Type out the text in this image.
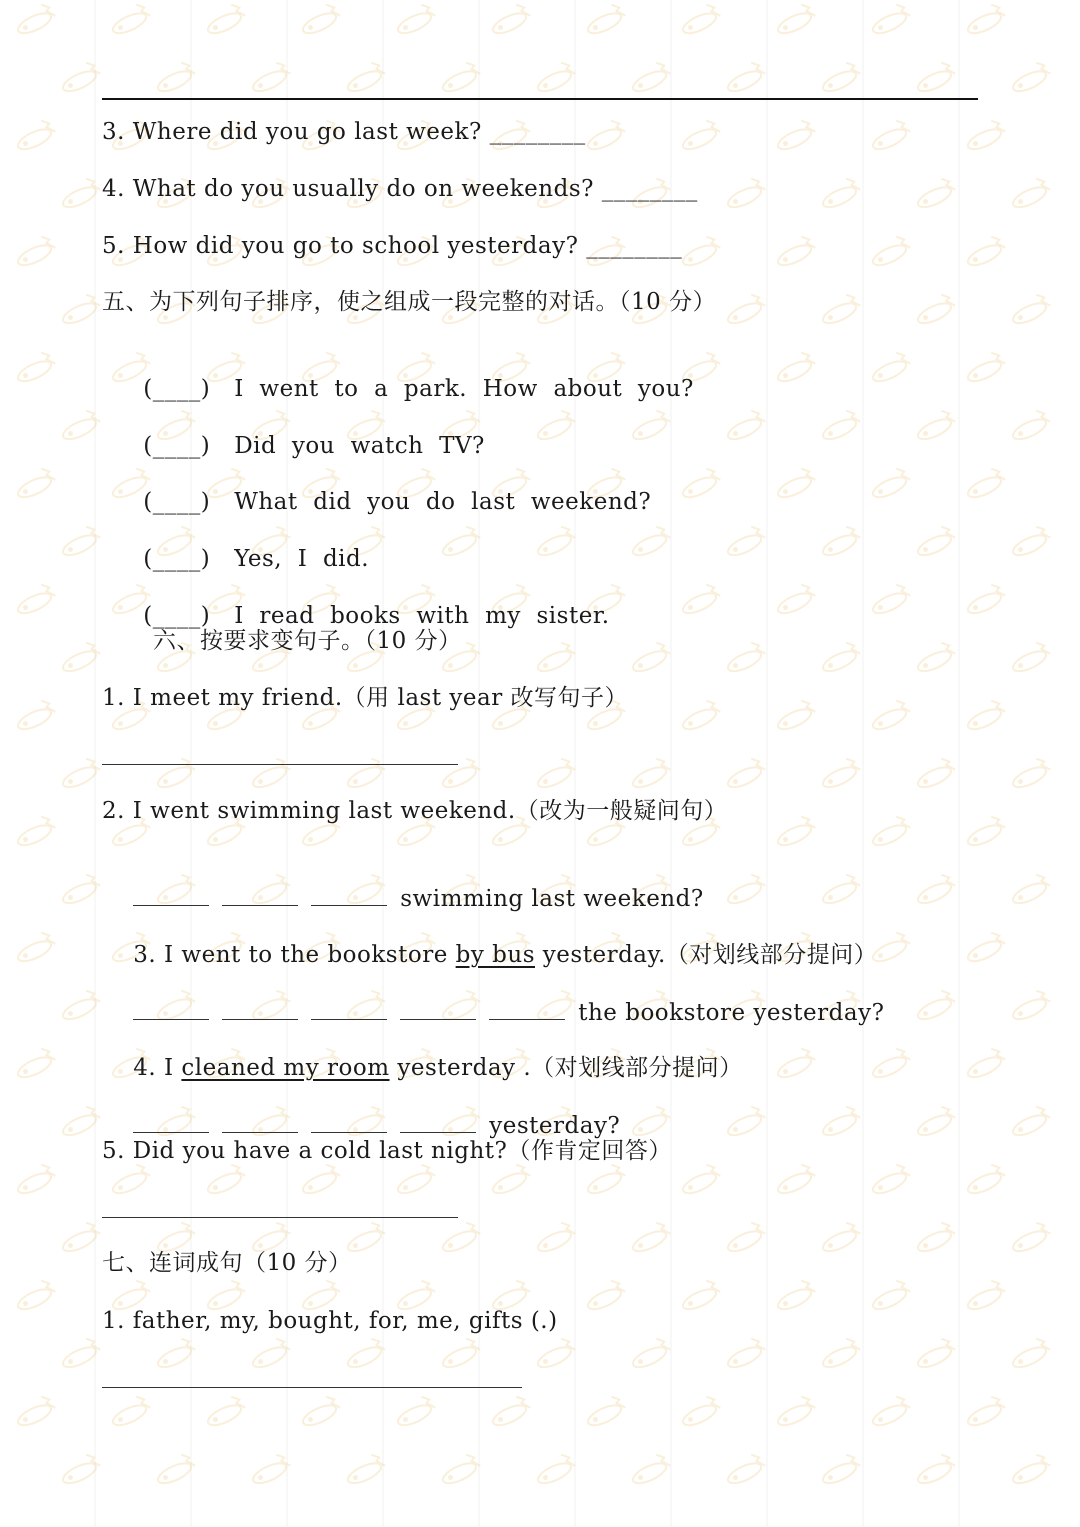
3. Where did you go last week? ________
4. What do you usually do on weekends? ________
5. How did you go to school yesterday? ________
五、为下列句子排序，使之组成一段完整的对话。（10 分）

(____) I  went  to  a  park.  How  about  you?

(____) Did  you  watch  TV?

(____) What  did  you  do  last  weekend?

(____) Yes,  I  did.

(____) I  read  books  with  my  sister.

六、按要求变句子。（10 分）
1. I meet my friend.（用 last year 改写句子）
2. I went swimming last weekend.（改为一般疑问句）

swimming last weekend?

3. I went to the bookstore by bus yesterday.（对划线部分提问）

the bookstore yesterday?

4. I cleaned my room yesterday .（对划线部分提问）

yesterday?

5. Did you have a cold last night?（作肯定回答）
七、连词成句（10 分）
1. father, my, bought, for, me, gifts (.)
